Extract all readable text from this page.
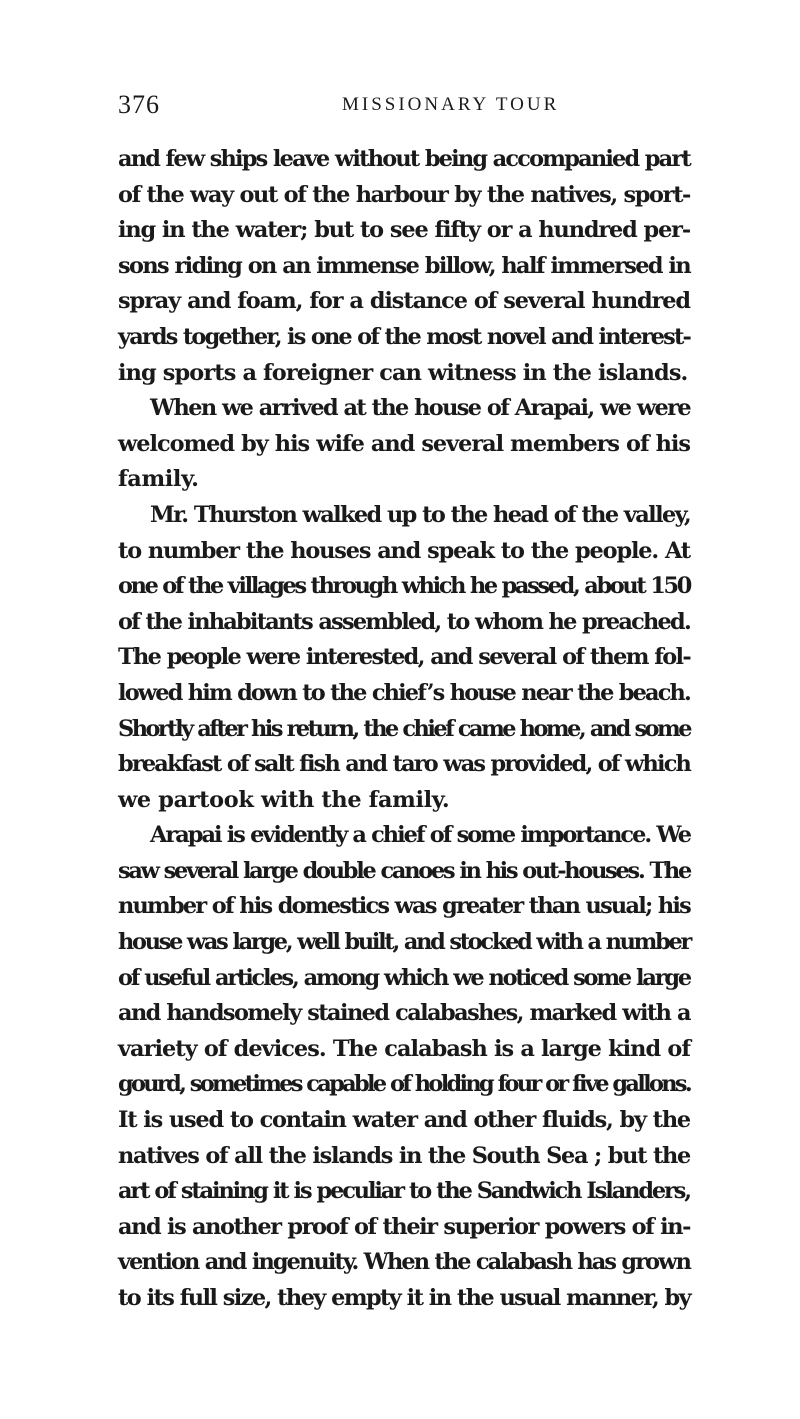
376	MISSIONARY TOUR
and few ships leave without being accompanied part
of the way out of the harbour by the natives, sport-
ing in the water; but to see fifty or a hundred per-
sons riding on an immense billow, half immersed in
spray and foam, for a distance of several hundred
yards together, is one of the most novel and interest-
ing sports a foreigner can witness in the islands.
When we arrived at the house of Arapai, we were
welcomed by his wife and several members of his
family.
Mr. Thurston walked up to the head of the valley,
to number the houses and speak to the people. At
one of the villages through which he passed, about 150
of the inhabitants assembled, to whom he preached.
The people were interested, and several of them fol-
lowed him down to the chief’s house near the beach.
Shortly after his return, the chief came home, and some
breakfast of salt fish and taro was provided, of which
we partook with the family.
Arapai is evidently a chief of some importance. We
saw several large double canoes in his out-houses. The
number of his domestics was greater than usual; his
house was large, well built, and stocked with a number
of useful articles, among which we noticed some large
and handsomely stained calabashes, marked with a
variety of devices. The calabash is a large kind of
gourd, sometimes capable of holding four or five gallons.
It is used to contain water and other fluids, by the
natives of all the islands in the South Sea ; but the
art of staining it is peculiar to the Sandwich Islanders,
and is another proof of their superior powers of in-
vention and ingenuity. When the calabash has grown
to its full size, they empty it in the usual manner, by
